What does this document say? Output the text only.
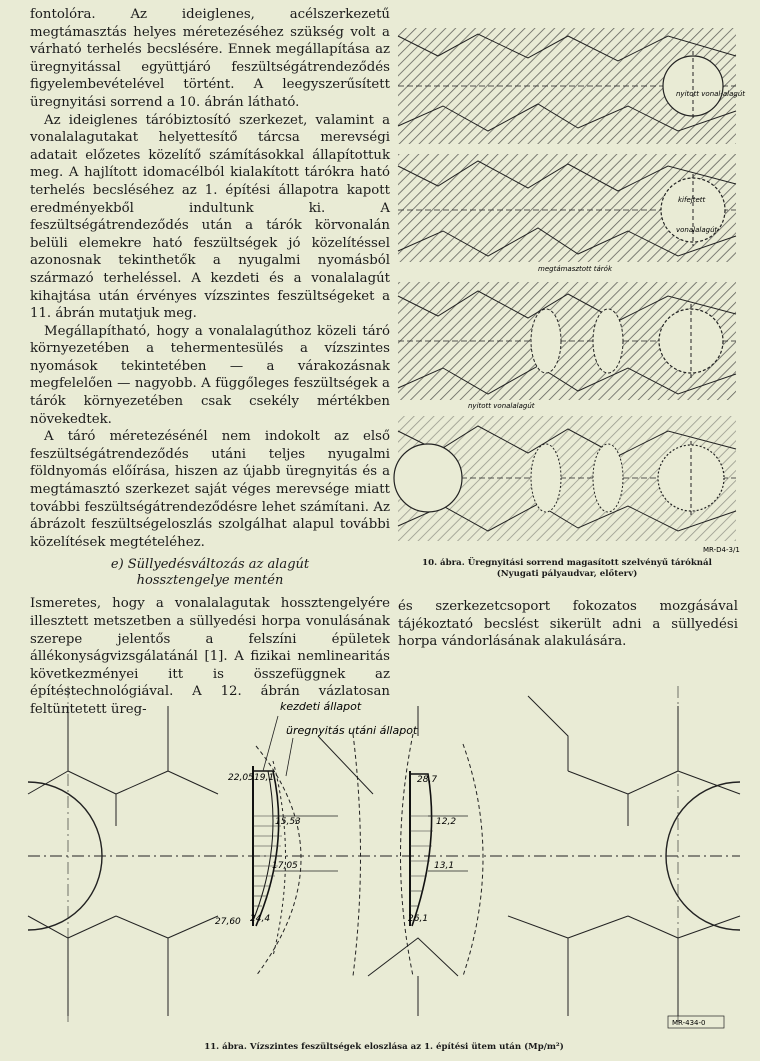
fontolóra. Az ideiglenes, acélszerkezetű megtámasztás helyes méretezéséhez szükség volt a várható terhelés becslésére. Ennek megállapítása az üregnyitással együttjáró feszültségátrendeződés figyelembevételével történt. A leegyszerűsített üregnyitási sorrend a 10. ábrán látható.

Az ideiglenes táróbiztosító szerkezet, valamint a vonalalagutakat helyettesítő tárcsa merevségi adatait előzetes közelítő számításokkal állapítottuk meg. A hajlított idomacélból kialakított tárókra ható terhelés becsléséhez az 1. építési állapotra kapott eredményekből indultunk ki. A feszültségátrendeződés után a tárók körvonalán belüli elemekre ható feszültségek jó közelítéssel azonosnak tekinthetők a nyugalmi nyomásból származó terheléssel. A kezdeti és a vonalalagút kihajtása után érvényes vízszintes feszültségeket a 11. ábrán mutatjuk meg.

Megállapítható, hogy a vonalalagúthoz közeli táró környezetében a tehermentesülés a vízszintes nyomások tekintetében — a várakozásnak megfelelően — nagyobb. A függőleges feszültségek a tárók környezetében csak csekély mértékben növekedtek.

A táró méretezésénél nem indokolt az első feszültségátrendeződés utáni teljes nyugalmi földnyomás előírása, hiszen az újabb üregnyitás és a megtámasztó szerkezet saját véges merevsége miatt további feszültségátrendeződésre lehet számítani. Az ábrázolt feszültségeloszlás szolgálhat alapul további közelítések megtételéhez.

e) Süllyedésváltozás az alagút
hossztengelye mentén

Ismeretes, hogy a vonalalagutak hossztengelyére illesztett metszetben a süllyedési horpa vonulásának szerepe jelentős a felszíni épületek állékonyságvizsgálatánál [1]. A fizikai nemlinearitás következményei itt is összefüggnek az építéstechnológiával. A 12. ábrán vázlatosan feltüntetett üreg-

nyitott vonal-alagút
kifejtett
vonalalagút
megtámasztott tárók
nyitott vonalalagút
MR-D4-3/1
10. ábra. Üregnyitási sorrend magasított szelvényű tárόknál
(Nyugati pályaudvar, előterv)

és szerkezetcsoport fokozatos mozgásával tájékoztató becslést sikerült adni a süllyedési horpa vándorlásának alakulására.

kezdeti állapot
üregnyitás utáni állapot
22,05 19,1
15,53
17,05
27,60 24,4
28,7
12,2
13,1
26,1
MR-434-0
11. ábra. Vízszintes feszültségek eloszlása az 1. építési ütem után (Mp/m²)
